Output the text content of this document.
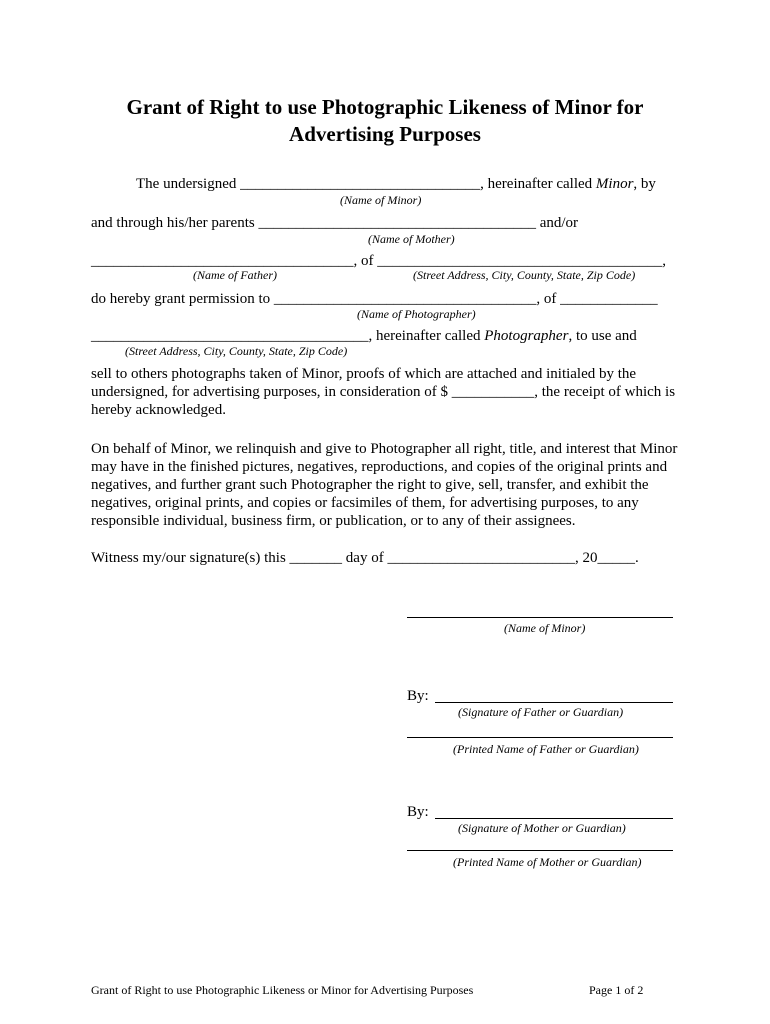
Grant of Right to use Photographic Likeness of Minor for
Advertising Purposes
The undersigned ________________________________, hereinafter called Minor, by
(Name of Minor)
and through his/her parents _____________________________________ and/or
(Name of Mother)
___________________________________, of ______________________________________,
(Name of Father)	(Street Address, City, County, State, Zip Code)
do hereby grant permission to ___________________________________, of _____________
(Name of Photographer)
_____________________________________, hereinafter called Photographer, to use and
(Street Address, City, County, State, Zip Code)

sell to others photographs taken of Minor, proofs of which are attached and initialed by the undersigned, for advertising purposes, in consideration of $ ___________, the receipt of which is hereby acknowledged.

On behalf of Minor, we relinquish and give to Photographer all right, title, and interest that Minor may have in the finished pictures, negatives, reproductions, and copies of the original prints and negatives, and further grant such Photographer the right to give, sell, transfer, and exhibit the negatives, original prints, and copies or facsimiles of them, for advertising purposes, to any responsible individual, business firm, or publication, or to any of their assignees.

Witness my/our signature(s) this _______ day of _________________________, 20_____.
(Name of Minor)
By:
(Signature of Father or Guardian)
(Printed Name of Father or Guardian)
By:
(Signature of Mother or Guardian)
(Printed Name of Mother or Guardian)
Grant of Right to use Photographic Likeness or Minor for Advertising Purposes	Page 1 of 2
